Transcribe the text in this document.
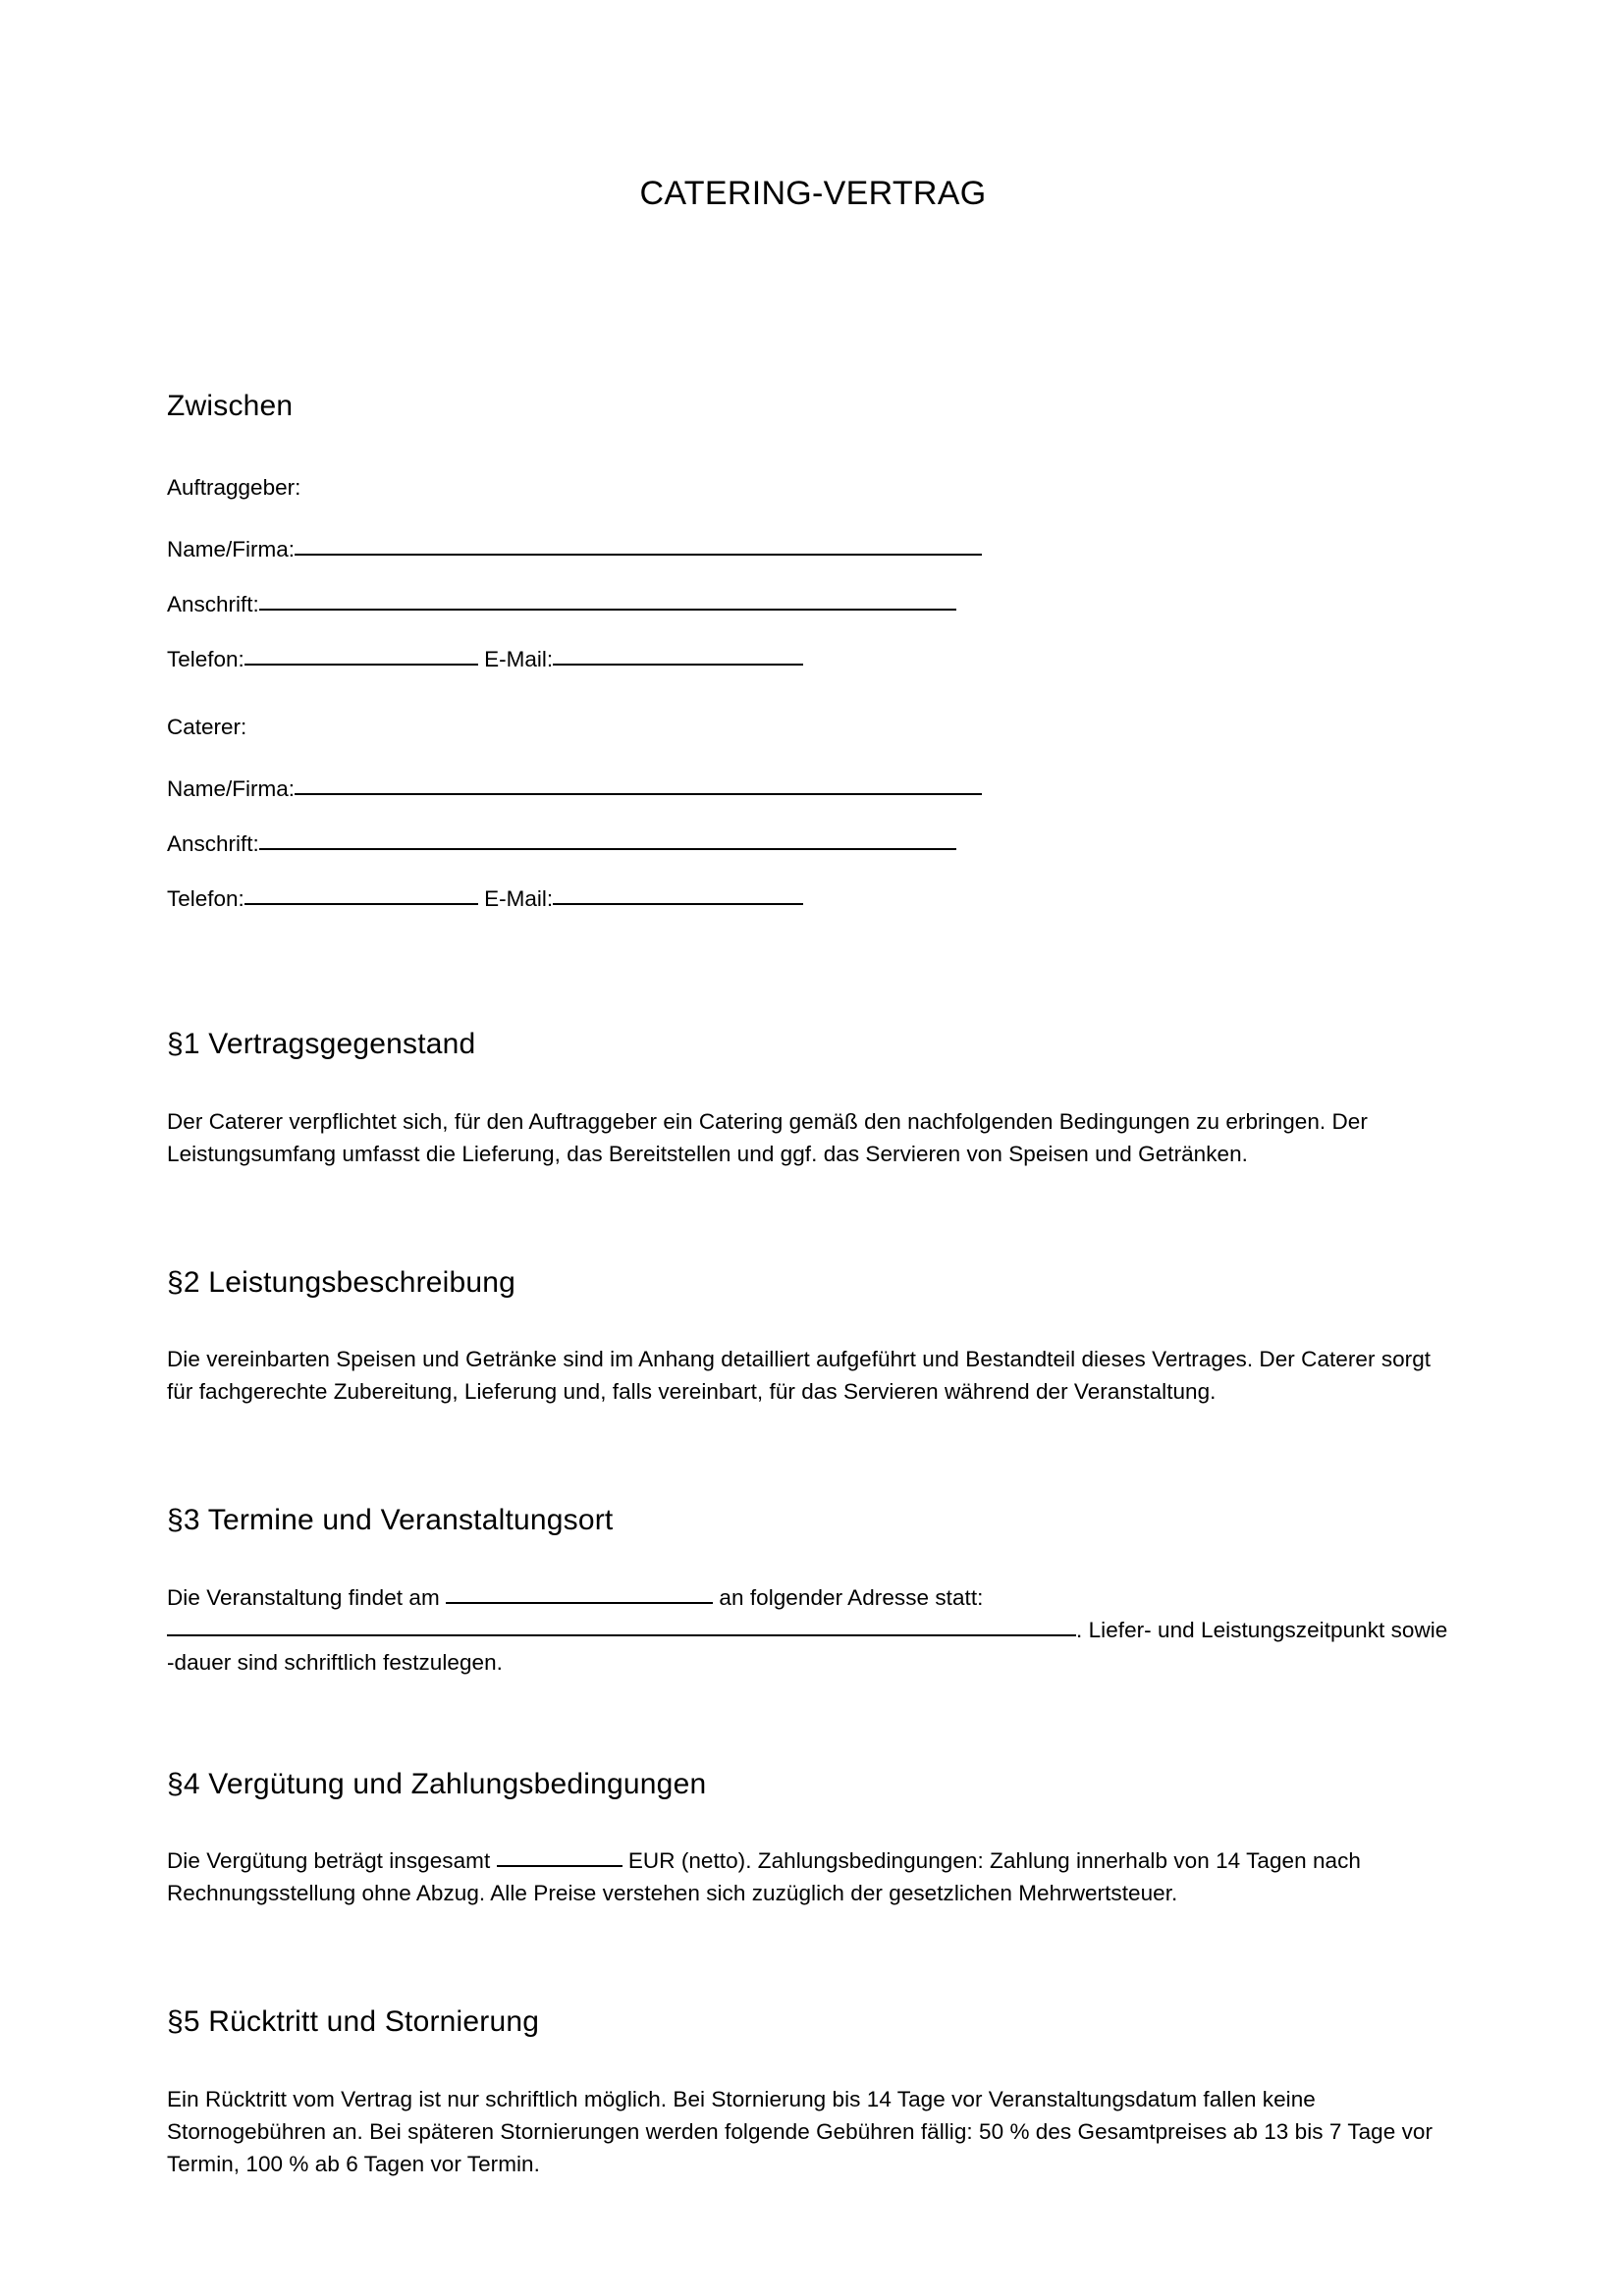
CATERING-VERTRAG
Zwischen

Auftraggeber:

Name/Firma:

Anschrift:

Telefon:	E-Mail:

Caterer:

Name/Firma:

Anschrift:

Telefon:	E-Mail:

§1 Vertragsgegenstand

Der Caterer verpflichtet sich, für den Auftraggeber ein Catering gemäß den nachfolgenden Bedingungen zu erbringen. Der Leistungsumfang umfasst die Lieferung, das Bereitstellen und ggf. das Servieren von Speisen und Getränken.

§2 Leistungsbeschreibung

Die vereinbarten Speisen und Getränke sind im Anhang detailliert aufgeführt und Bestandteil dieses Vertrages. Der Caterer sorgt für fachgerechte Zubereitung, Lieferung und, falls vereinbart, für das Servieren während der Veranstaltung.

§3 Termine und Veranstaltungsort

Die Veranstaltung findet am	an folgender Adresse statt:
. Liefer- und Leistungszeitpunkt sowie -dauer sind schriftlich festzulegen.

§4 Vergütung und Zahlungsbedingungen

Die Vergütung beträgt insgesamt	EUR (netto). Zahlungsbedingungen: Zahlung innerhalb von 14 Tagen nach Rechnungsstellung ohne Abzug. Alle Preise verstehen sich zuzüglich der gesetzlichen Mehrwertsteuer.

§5 Rücktritt und Stornierung

Ein Rücktritt vom Vertrag ist nur schriftlich möglich. Bei Stornierung bis 14 Tage vor Veranstaltungsdatum fallen keine Stornogebühren an. Bei späteren Stornierungen werden folgende Gebühren fällig: 50 % des Gesamtpreises ab 13 bis 7 Tage vor Termin, 100 % ab 6 Tagen vor Termin.
